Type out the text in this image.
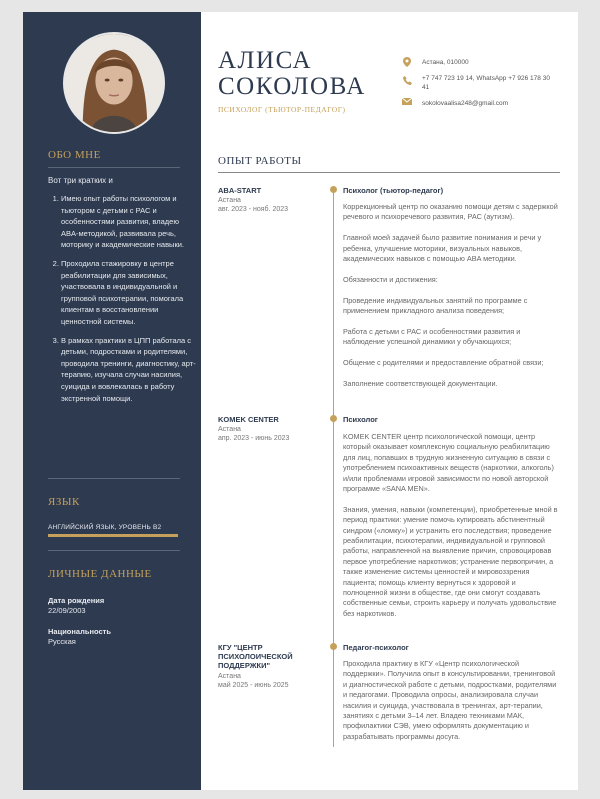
ОБО МНЕ
Вот три кратких и
1. Имею опыт работы психологом и тьютором с детьми с РАС и особенностями развития, владею ABA-методикой, развивала речь, моторику и академические навыки.
2. Проходила стажировку в центре реабилитации для зависимых, участвовала в индивидуальной и групповой психотерапии, помогала клиентам в восстановлении ценностной системы.
3. В рамках практики в ЦПП работала с детьми, подростками и родителями, проводила тренинги, диагностику, арт-терапию, изучала случаи насилия, суицида и вовлекалась в работу экстренной помощи.
ЯЗЫК
АНГЛИЙСКИЙ ЯЗЫК, УРОВЕНЬ B2
ЛИЧНЫЕ ДАННЫЕ
Дата рождения
22/09/2003
Национальность
Русская
АЛИСА
СОКОЛОВА
ПСИХОЛОГ (ТЬЮТОР-ПЕДАГОГ)
Астана, 010000
+7 747 723 19 14, WhatsApp +7 926 178 30 41
sokolovaalisa248@gmail.com
ОПЫТ РАБОТЫ
ABA-START
Астана
авг. 2023 - нояб. 2023
Психолог (тьютор-педагог)

Коррекционный центр по оказанию помощи детям с задержкой речевого и психоречевого развития, РАС (аутизм).

Главной моей задачей было развитие понимания и речи у ребенка, улучшение моторики, визуальных навыков, академических навыков с помощью ABA методики.

Обязанности и достижения:

Проведение индивидуальных занятий по программе с применением прикладного анализа поведения;

Работа с детьми с РАС и особенностями развития и наблюдение успешной динамики у обучающихся;

Общение с родителями и предоставление обратной связи;

Заполнение соответствующей документации.

KOMEK CENTER
Астана
апр. 2023 - июнь 2023
Психолог

KOMEK CENTER центр психологической помощи, центр который оказывает комплексную социальную реабилитацию для лиц, попавших в трудную жизненную ситуацию в связи с употреблением психоактивных веществ (наркотики, алкоголь) и/или проблемами игровой зависимости по новой авторской программе «SANA MEN».

Знания, умения, навыки (компетенции), приобретенные мной в период практики: умение помочь купировать абстинентный синдром («ломку») и устранить его последствия; проведение реабилитации, психотерапии, индивидуальной и групповой работы, направленной на выявление причин, спровоцировав первое употребление наркотиков; устранение первопричин, а также изменение системы ценностей и мировоззрения пациента; помощь клиенту вернуться к здоровой и полноценной жизни в обществе, где они смогут создавать собственные семьи, строить карьеру и получать удовольствие без наркотиков.

КГУ "ЦЕНТР ПСИХОЛОИЧЕСКОЙ ПОДДЕРЖКИ"
Астана
май 2025 - июнь 2025
Педагог-психолог

Проходила практику в КГУ «Центр психологической поддержки». Получила опыт в консультировании, тренинговой и диагностической работе с детьми, подростками, родителями и педагогами. Проводила опросы, анализировала случаи насилия и суицида, участвовала в тренингах, арт-терапии, занятиях с детьми 3–14 лет. Владею техниками МАК, профилактики СЭВ, умею оформлять документацию и разрабатывать программы досуга.
